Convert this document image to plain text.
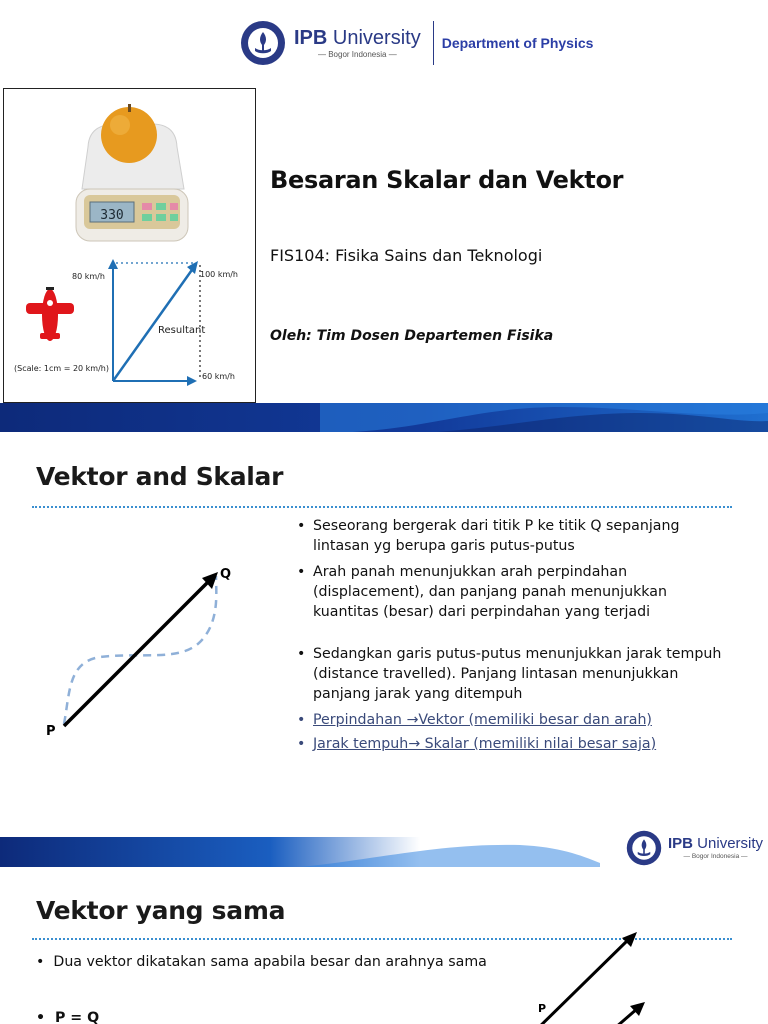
IPB University
— Bogor Indonesia —
Department of Physics
330
80 km/h	100 km/h
Resultant
60 km/h
(Scale: 1cm = 20 km/h)
Besaran Skalar dan Vektor
FIS104: Fisika Sains dan Teknologi
Oleh: Tim Dosen Departemen Fisika
Vektor and Skalar
Q
P
• Seseorang bergerak dari titik P ke titik Q sepanjang lintasan yg berupa garis putus-putus
• Arah panah menunjukkan arah perpindahan (displacement), dan panjang panah menunjukkan kuantitas (besar) dari perpindahan yang terjadi
• Sedangkan garis putus-putus menunjukkan jarak tempuh (distance travelled). Panjang lintasan menunjukkan panjang jarak yang ditempuh
• Perpindahan →Vektor (memiliki besar dan arah)
• Jarak tempuh→ Skalar (memiliki nilai besar saja)
IPB University
— Bogor Indonesia —
Vektor yang sama
•  Dua vektor dikatakan sama apabila besar dan arahnya sama
•  P = Q
P
